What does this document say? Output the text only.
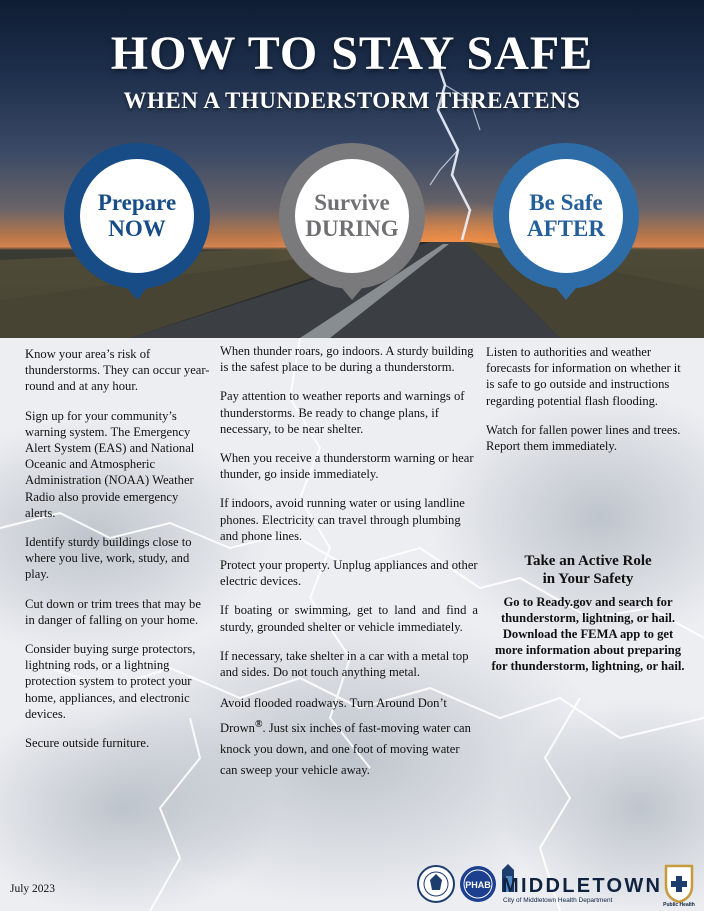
HOW TO STAY SAFE
WHEN A THUNDERSTORM THREATENS
Prepare
NOW
Survive
DURING
Be Safe
AFTER

Know your area’s risk of thunderstorms. They can occur year-round and at any hour.

Sign up for your community’s warning system. The Emergency Alert System (EAS) and National Oceanic and Atmospheric Administration (NOAA) Weather Radio also provide emergency alerts.

Identify sturdy buildings close to where you live, work, study, and play.

Cut down or trim trees that may be in danger of falling on your home.

Consider buying surge protectors, lightning rods, or a lightning protection system to protect your home, appliances, and electronic devices.

Secure outside furniture.

When thunder roars, go indoors. A sturdy building is the safest place to be during a thunderstorm.

Pay attention to weather reports and warnings of thunderstorms. Be ready to change plans, if necessary, to be near shelter.

When you receive a thunderstorm warning or hear thunder, go inside immediately.

If indoors, avoid running water or using landline phones. Electricity can travel through plumbing and phone lines.

Protect your property. Unplug appliances and other electric devices.

If boating or swimming, get to land and find a sturdy, grounded shelter or vehicle immediately.

If necessary, take shelter in a car with a metal top and sides. Do not touch anything metal.

Avoid flooded roadways. Turn Around Don’t Drown®. Just six inches of fast-moving water can knock you down, and one foot of moving water can sweep your vehicle away.

Listen to authorities and weather forecasts for information on whether it is safe to go outside and instructions regarding potential flash flooding.

Watch for fallen power lines and trees. Report them immediately.

Take an Active Role
in Your Safety

Go to Ready.gov and search for thunderstorm, lightning, or hail. Download the FEMA app to get more information about preparing for thunderstorm, lightning, or hail.

July 2023	PHAB MIDDLETOWN
City of Middletown Health Department
Public Health
